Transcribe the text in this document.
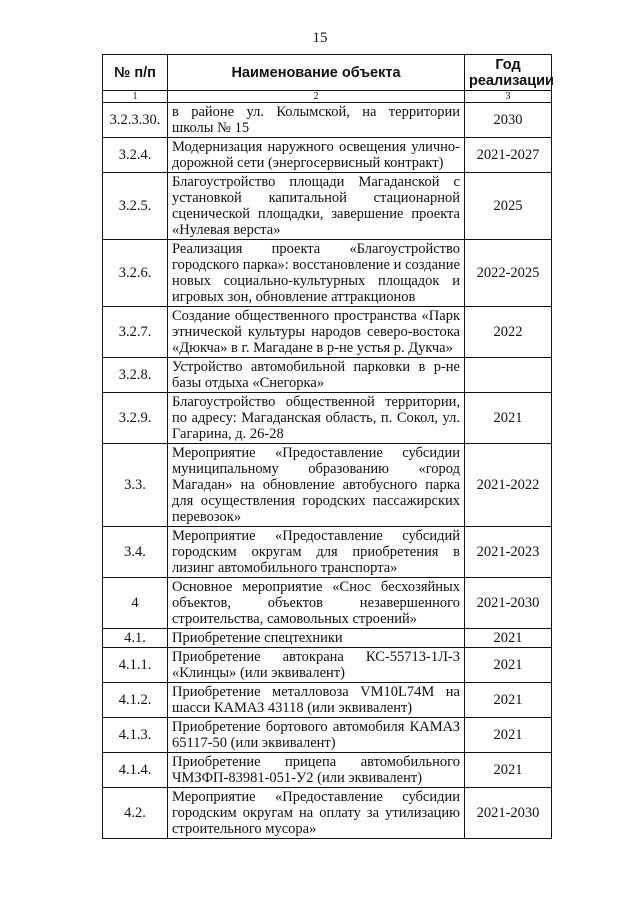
15
№ п/п	Наименование объекта	Год реализации
1	2	3
3.2.3.30.	в районе ул. Колымской, на территории школы № 15	2030
3.2.4.	Модернизация наружного освещения улично-дорожной сети (энергосервисный контракт)	2021-2027
3.2.5.	Благоустройство площади Магаданской с установкой капитальной стационарной сценической площадки, завершение проекта «Нулевая верста»	2025
3.2.6.	Реализация проекта «Благоустройство городского парка»: восстановление и создание новых социально-культурных площадок и игровых зон, обновление аттракционов	2022-2025
3.2.7.	Создание общественного пространства «Парк этнической культуры народов северо-востока «Дюкча» в г. Магадане в р-не устья р. Дукча»	2022
3.2.8.	Устройство автомобильной парковки в р-не базы отдыха «Снегорка»	
3.2.9.	Благоустройство общественной территории, по адресу: Магаданская область, п. Сокол, ул. Гагарина, д. 26-28	2021
3.3.	Мероприятие «Предоставление субсидии муниципальному образованию «город Магадан» на обновление автобусного парка для осуществления городских пассажирских перевозок»	2021-2022
3.4.	Мероприятие «Предоставление субсидий городским округам для приобретения в лизинг автомобильного транспорта»	2021-2023
4	Основное мероприятие «Снос бесхозяйных объектов, объектов незавершенного строительства, самовольных строений»	2021-2030
4.1.	Приобретение спецтехники	2021
4.1.1.	Приобретение автокрана КС-55713-1Л-3 «Клинцы» (или эквивалент)	2021
4.1.2.	Приобретение металловоза VM10L74M на шасси КАМАЗ 43118 (или эквивалент)	2021
4.1.3.	Приобретение бортового автомобиля КАМАЗ 65117-50 (или эквивалент)	2021
4.1.4.	Приобретение прицепа автомобильного ЧМЗФП-83981-051-У2 (или эквивалент)	2021
4.2.	Мероприятие «Предоставление субсидии городским округам на оплату за утилизацию строительного мусора»	2021-2030
